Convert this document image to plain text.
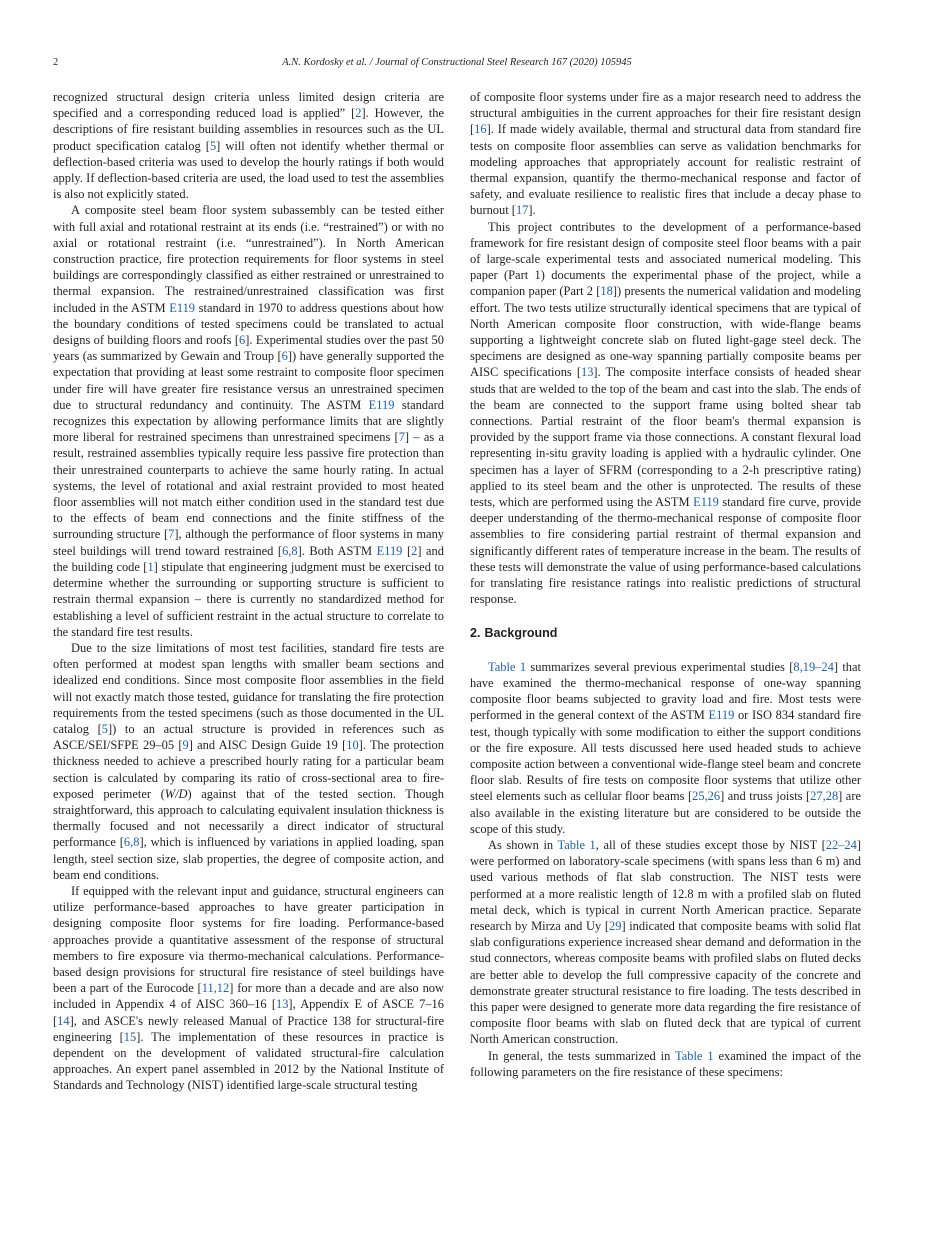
2	A.N. Kordosky et al. / Journal of Constructional Steel Research 167 (2020) 105945

recognized structural design criteria unless limited design criteria are specified and a corresponding reduced load is applied” [2]. However, the descriptions of fire resistant building assemblies in resources such as the UL product specification catalog [5] will often not identify whether thermal or deflection-based criteria was used to develop the hourly ratings if both would apply. If deflection-based criteria are used, the load used to test the assemblies is also not explicitly stated.

A composite steel beam floor system subassembly can be tested either with full axial and rotational restraint at its ends (i.e. “restrained”) or with no axial or rotational restraint (i.e. “unrestrained”). In North American construction practice, fire protection requirements for floor systems in steel buildings are correspondingly classified as either restrained or unrestrained to thermal expansion. The restrained/unrestrained classification was first included in the ASTM E119 standard in 1970 to address questions about how the boundary conditions of tested specimens could be translated to actual designs of building floors and roofs [6]. Experimental studies over the past 50 years (as summarized by Gewain and Troup [6]) have generally supported the expectation that providing at least some restraint to composite floor specimen under fire will have greater fire resistance versus an unrestrained specimen due to structural redundancy and continuity. The ASTM E119 standard recognizes this expectation by allowing performance limits that are slightly more liberal for restrained specimens than unrestrained specimens [7] – as a result, restrained assemblies typically require less passive fire protection than their unrestrained counterparts to achieve the same hourly rating. In actual systems, the level of rotational and axial restraint provided to most heated floor assemblies will not match either condition used in the standard test due to the effects of beam end connections and the finite stiffness of the surrounding structure [7], although the performance of floor systems in many steel buildings will trend toward restrained [6,8]. Both ASTM E119 [2] and the building code [1] stipulate that engineering judgment must be exercised to determine whether the surrounding or supporting structure is sufficient to restrain thermal expansion – there is currently no standardized method for establishing a level of sufficient restraint in the actual structure to correlate to the standard fire test results.

Due to the size limitations of most test facilities, standard fire tests are often performed at modest span lengths with smaller beam sections and idealized end conditions. Since most composite floor assemblies in the field will not exactly match those tested, guidance for translating the fire protection requirements from the tested specimens (such as those documented in the UL catalog [5]) to an actual structure is provided in references such as ASCE/SEI/SFPE 29–05 [9] and AISC Design Guide 19 [10]. The protection thickness needed to achieve a prescribed hourly rating for a particular beam section is calculated by comparing its ratio of cross-sectional area to fire-exposed perimeter (W/D) against that of the tested section. Though straightforward, this approach to calculating equivalent insulation thickness is thermally focused and not necessarily a direct indicator of structural performance [6,8], which is influenced by variations in applied loading, span length, steel section size, slab properties, the degree of composite action, and beam end conditions.

If equipped with the relevant input and guidance, structural engineers can utilize performance-based approaches to have greater participation in designing composite floor systems for fire loading. Performance-based approaches provide a quantitative assessment of the response of structural members to fire exposure via thermo-mechanical calculations. Performance-based design provisions for structural fire resistance of steel buildings have been a part of the Eurocode [11,12] for more than a decade and are also now included in Appendix 4 of AISC 360–16 [13], Appendix E of ASCE 7–16 [14], and ASCE's newly released Manual of Practice 138 for structural-fire engineering [15]. The implementation of these resources in practice is dependent on the development of validated structural-fire calculation approaches. An expert panel assembled in 2012 by the National Institute of Standards and Technology (NIST) identified large-scale structural testing

of composite floor systems under fire as a major research need to address the structural ambiguities in the current approaches for their fire resistant design [16]. If made widely available, thermal and structural data from standard fire tests on composite floor assemblies can serve as validation benchmarks for modeling approaches that appropriately account for realistic restraint of thermal expansion, quantify the thermo-mechanical response and factor of safety, and evaluate resilience to realistic fires that include a decay phase to burnout [17].

This project contributes to the development of a performance-based framework for fire resistant design of composite steel floor beams with a pair of large-scale experimental tests and associated numerical modeling. This paper (Part 1) documents the experimental phase of the project, while a companion paper (Part 2 [18]) presents the numerical validation and modeling effort. The two tests utilize structurally identical specimens that are typical of North American composite floor construction, with wide-flange beams supporting a lightweight concrete slab on fluted light-gage steel deck. The specimens are designed as one-way spanning partially composite beams per AISC specifications [13]. The composite interface consists of headed shear studs that are welded to the top of the beam and cast into the slab. The ends of the beam are connected to the support frame using bolted shear tab connections. Partial restraint of the floor beam's thermal expansion is provided by the support frame via those connections. A constant flexural load representing in-situ gravity loading is applied with a hydraulic cylinder. One specimen has a layer of SFRM (corresponding to a 2-h prescriptive rating) applied to its steel beam and the other is unprotected. The results of these tests, which are performed using the ASTM E119 standard fire curve, provide deeper understanding of the thermo-mechanical response of composite floor assemblies to fire considering partial restraint of thermal expansion and significantly different rates of temperature increase in the beam. The results of these tests will demonstrate the value of using performance-based calculations for translating fire resistance ratings into realistic predictions of structural response.

2. Background

Table 1 summarizes several previous experimental studies [8,19–24] that have examined the thermo-mechanical response of one-way spanning composite floor beams subjected to gravity load and fire. Most tests were performed in the general context of the ASTM E119 or ISO 834 standard fire test, though typically with some modification to either the support conditions or the fire exposure. All tests discussed here used headed studs to achieve composite action between a conventional wide-flange steel beam and concrete floor slab. Results of fire tests on composite floor systems that utilize other steel elements such as cellular floor beams [25,26] and truss joists [27,28] are also available in the existing literature but are considered to be outside the scope of this study.

As shown in Table 1, all of these studies except those by NIST [22–24] were performed on laboratory-scale specimens (with spans less than 6 m) and used various methods of flat slab construction. The NIST tests were performed at a more realistic length of 12.8 m with a profiled slab on fluted metal deck, which is typical in current North American practice. Separate research by Mirza and Uy [29] indicated that composite beams with solid flat slab configurations experience increased shear demand and deformation in the stud connectors, whereas composite beams with profiled slabs on fluted decks are better able to develop the full compressive capacity of the concrete and demonstrate greater structural resistance to fire loading. The tests described in this paper were designed to generate more data regarding the fire resistance of composite floor beams with slab on fluted deck that are typical of current North American construction.

In general, the tests summarized in Table 1 examined the impact of the following parameters on the fire resistance of these specimens:
